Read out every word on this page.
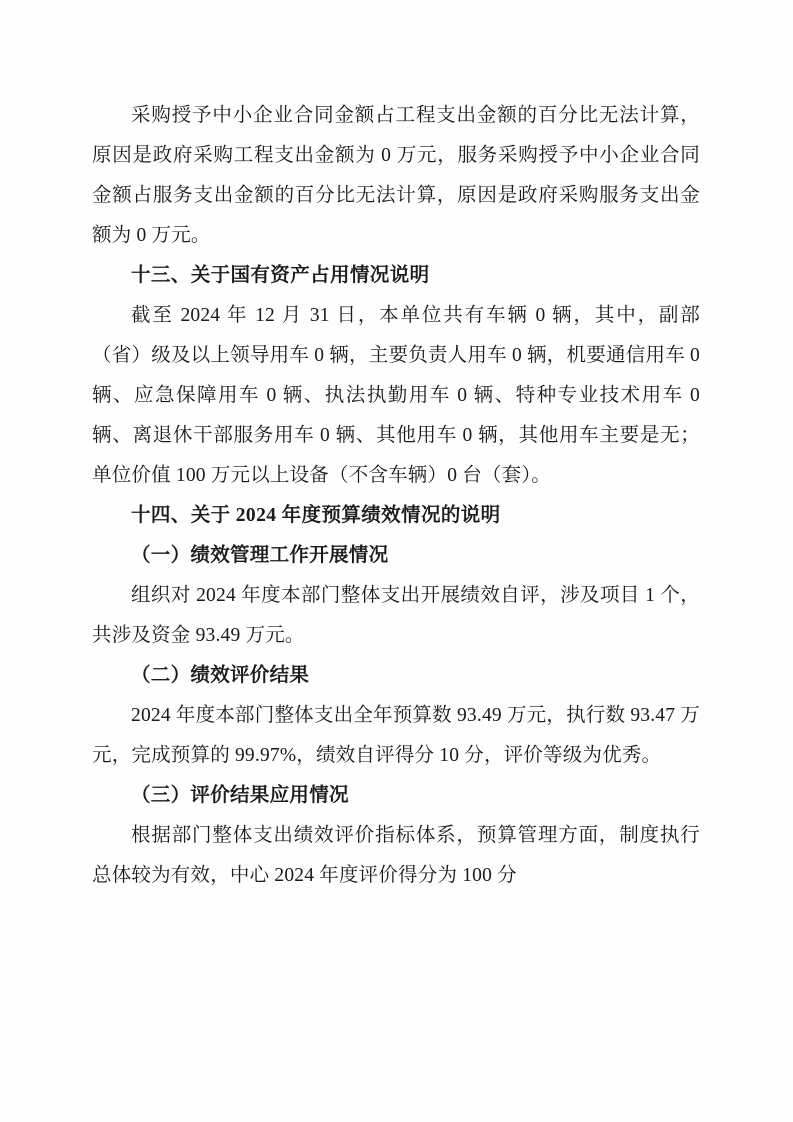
采购授予中小企业合同金额占工程支出金额的百分比无法计算，原因是政府采购工程支出金额为 0 万元，服务采购授予中小企业合同金额占服务支出金额的百分比无法计算，原因是政府采购服务支出金额为 0 万元。

十三、关于国有资产占用情况说明

截至 2024 年 12 月 31 日，本单位共有车辆 0 辆，其中，副部（省）级及以上领导用车 0 辆，主要负责人用车 0 辆，机要通信用车 0 辆、应急保障用车 0 辆、执法执勤用车 0 辆、特种专业技术用车 0 辆、离退休干部服务用车 0 辆、其他用车 0 辆，其他用车主要是无；单位价值 100 万元以上设备（不含车辆）0 台（套）。

十四、关于 2024 年度预算绩效情况的说明

（一）绩效管理工作开展情况

组织对 2024 年度本部门整体支出开展绩效自评，涉及项目 1 个，共涉及资金 93.49 万元。

（二）绩效评价结果

2024 年度本部门整体支出全年预算数 93.49 万元，执行数 93.47 万元，完成预算的 99.97%，绩效自评得分 10 分，评价等级为优秀。

（三）评价结果应用情况

根据部门整体支出绩效评价指标体系，预算管理方面，制度执行总体较为有效，中心 2024 年度评价得分为 100 分
